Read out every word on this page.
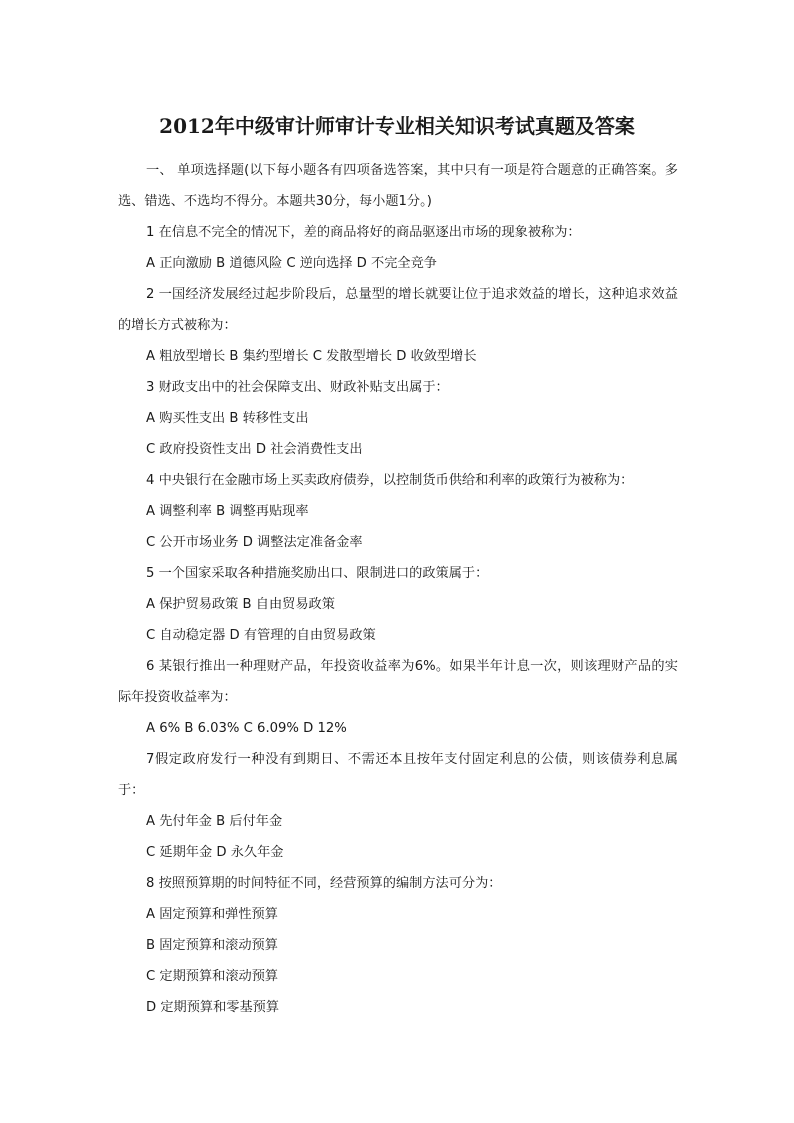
2012年中级审计师审计专业相关知识考试真题及答案

一、 单项选择题(以下每小题各有四项备选答案，其中只有一项是符合题意的正确答案。多选、错选、不选均不得分。本题共30分，每小题1分。)

1 在信息不完全的情况下，差的商品将好的商品驱逐出市场的现象被称为：

A 正向激励 B 道德风险 C 逆向选择 D 不完全竞争

2 一国经济发展经过起步阶段后，总量型的增长就要让位于追求效益的增长，这种追求效益的增长方式被称为：

A 粗放型增长 B 集约型增长 C 发散型增长 D 收敛型增长

3 财政支出中的社会保障支出、财政补贴支出属于：

A 购买性支出 B 转移性支出

C 政府投资性支出 D 社会消费性支出

4 中央银行在金融市场上买卖政府债券，以控制货币供给和利率的政策行为被称为：

A 调整利率 B 调整再贴现率

C 公开市场业务 D 调整法定准备金率

5 一个国家采取各种措施奖励出口、限制进口的政策属于：

A 保护贸易政策 B 自由贸易政策

C 自动稳定器 D 有管理的自由贸易政策

6 某银行推出一种理财产品，年投资收益率为6%。如果半年计息一次，则该理财产品的实际年投资收益率为：

A 6% B 6.03% C 6.09% D 12%

7假定政府发行一种没有到期日、不需还本且按年支付固定利息的公债，则该债券利息属于：

A 先付年金 B 后付年金

C 延期年金 D 永久年金

8 按照预算期的时间特征不同，经营预算的编制方法可分为：

A 固定预算和弹性预算

B 固定预算和滚动预算

C 定期预算和滚动预算

D 定期预算和零基预算
